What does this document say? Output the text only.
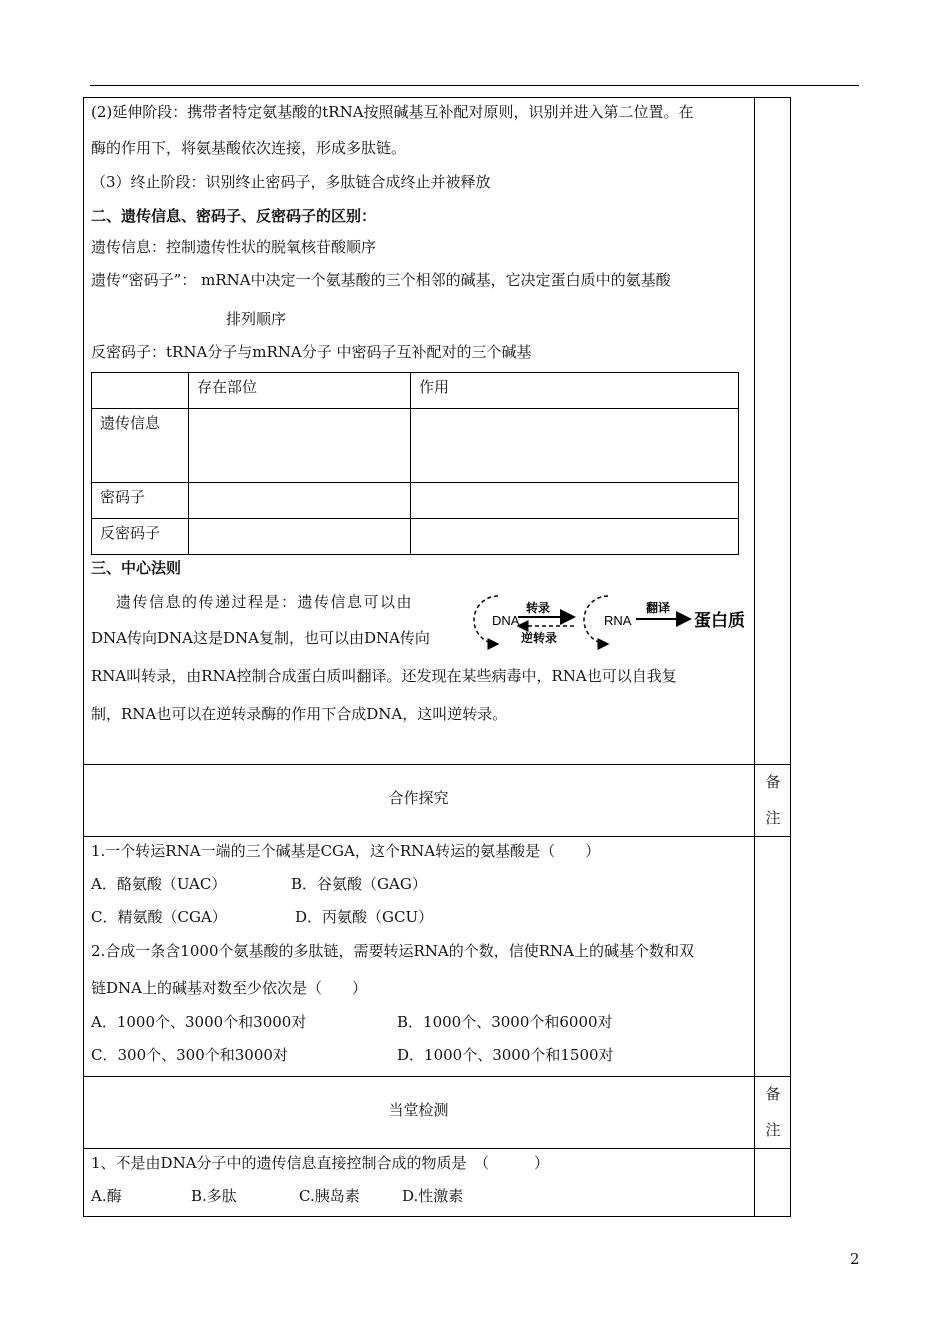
(2)延伸阶段：携带者特定氨基酸的tRNA按照碱基互补配对原则，识别并进入第二位置。在
酶的作用下，将氨基酸依次连接，形成多肽链。
（3）终止阶段：识别终止密码子，多肽链合成终止并被释放
二、遗传信息、密码子、反密码子的区别：
遗传信息：控制遗传性状的脱氧核苷酸顺序
遗传“密码子”： mRNA中决定一个氨基酸的三个相邻的碱基，它决定蛋白质中的氨基酸
排列顺序
反密码子：tRNA分子与mRNA分子 中密码子互补配对的三个碱基
	存在部位	作用
遗传信息		
密码子		
反密码子		
三、中心法则
遗传信息的传递过程是：遗传信息可以由
DNA传向DNA这是DNA复制，也可以由DNA传向
RNA叫转录，由RNA控制合成蛋白质叫翻译。还发现在某些病毒中，RNA也可以自我复
制，RNA也可以在逆转录酶的作用下合成DNA，这叫逆转录。
DNA
转录
逆转录
RNA
翻译
蛋白质
合作探究
备
注
1.一个转运RNA一端的三个碱基是CGA，这个RNA转运的氨基酸是（　　）
A．酪氨酸（UAC）	B．谷氨酸（GAG）
C．精氨酸（CGA）	D．丙氨酸（GCU）
2.合成一条含1000个氨基酸的多肽链，需要转运RNA的个数，信使RNA上的碱基个数和双
链DNA上的碱基对数至少依次是（　　）
A．1000个、3000个和3000对	B．1000个、3000个和6000对
C．300个、300个和3000对	D．1000个、3000个和1500对
当堂检测
备
注
1、不是由DNA分子中的遗传信息直接控制合成的物质是　（　　　）
A.酶	B.多肽	C.胰岛素	D.性激素
2
